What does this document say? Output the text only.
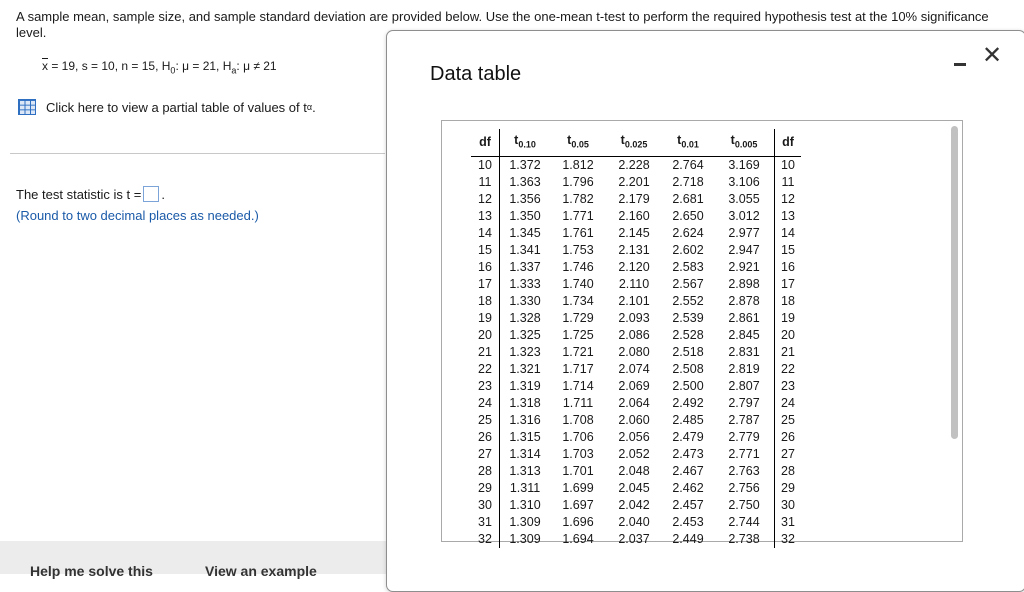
A sample mean, sample size, and sample standard deviation are provided below. Use the one-mean t-test to perform the required hypothesis test at the 10% significance level.
$\overline{x} = 19$, s = 10, n = 15, $H_0$: μ = 21, $H_a$: μ ≠ 21
Click here to view a partial table of values of t α .
The test statistic is t = .
(Round to two decimal places as needed.)
Help me solve this	View an example
Data table
✕
df	$t_{0.10}$	$t_{0.05}$	$t_{0.025}$	$t_{0.01}$	$t_{0.005}$	df
10	1.372	1.812	2.228	2.764	3.169	10
11	1.363	1.796	2.201	2.718	3.106	11
12	1.356	1.782	2.179	2.681	3.055	12
13	1.350	1.771	2.160	2.650	3.012	13
14	1.345	1.761	2.145	2.624	2.977	14
15	1.341	1.753	2.131	2.602	2.947	15
16	1.337	1.746	2.120	2.583	2.921	16
17	1.333	1.740	2.110	2.567	2.898	17
18	1.330	1.734	2.101	2.552	2.878	18
19	1.328	1.729	2.093	2.539	2.861	19
20	1.325	1.725	2.086	2.528	2.845	20
21	1.323	1.721	2.080	2.518	2.831	21
22	1.321	1.717	2.074	2.508	2.819	22
23	1.319	1.714	2.069	2.500	2.807	23
24	1.318	1.711	2.064	2.492	2.797	24
25	1.316	1.708	2.060	2.485	2.787	25
26	1.315	1.706	2.056	2.479	2.779	26
27	1.314	1.703	2.052	2.473	2.771	27
28	1.313	1.701	2.048	2.467	2.763	28
29	1.311	1.699	2.045	2.462	2.756	29
30	1.310	1.697	2.042	2.457	2.750	30
31	1.309	1.696	2.040	2.453	2.744	31
32	1.309	1.694	2.037	2.449	2.738	32
